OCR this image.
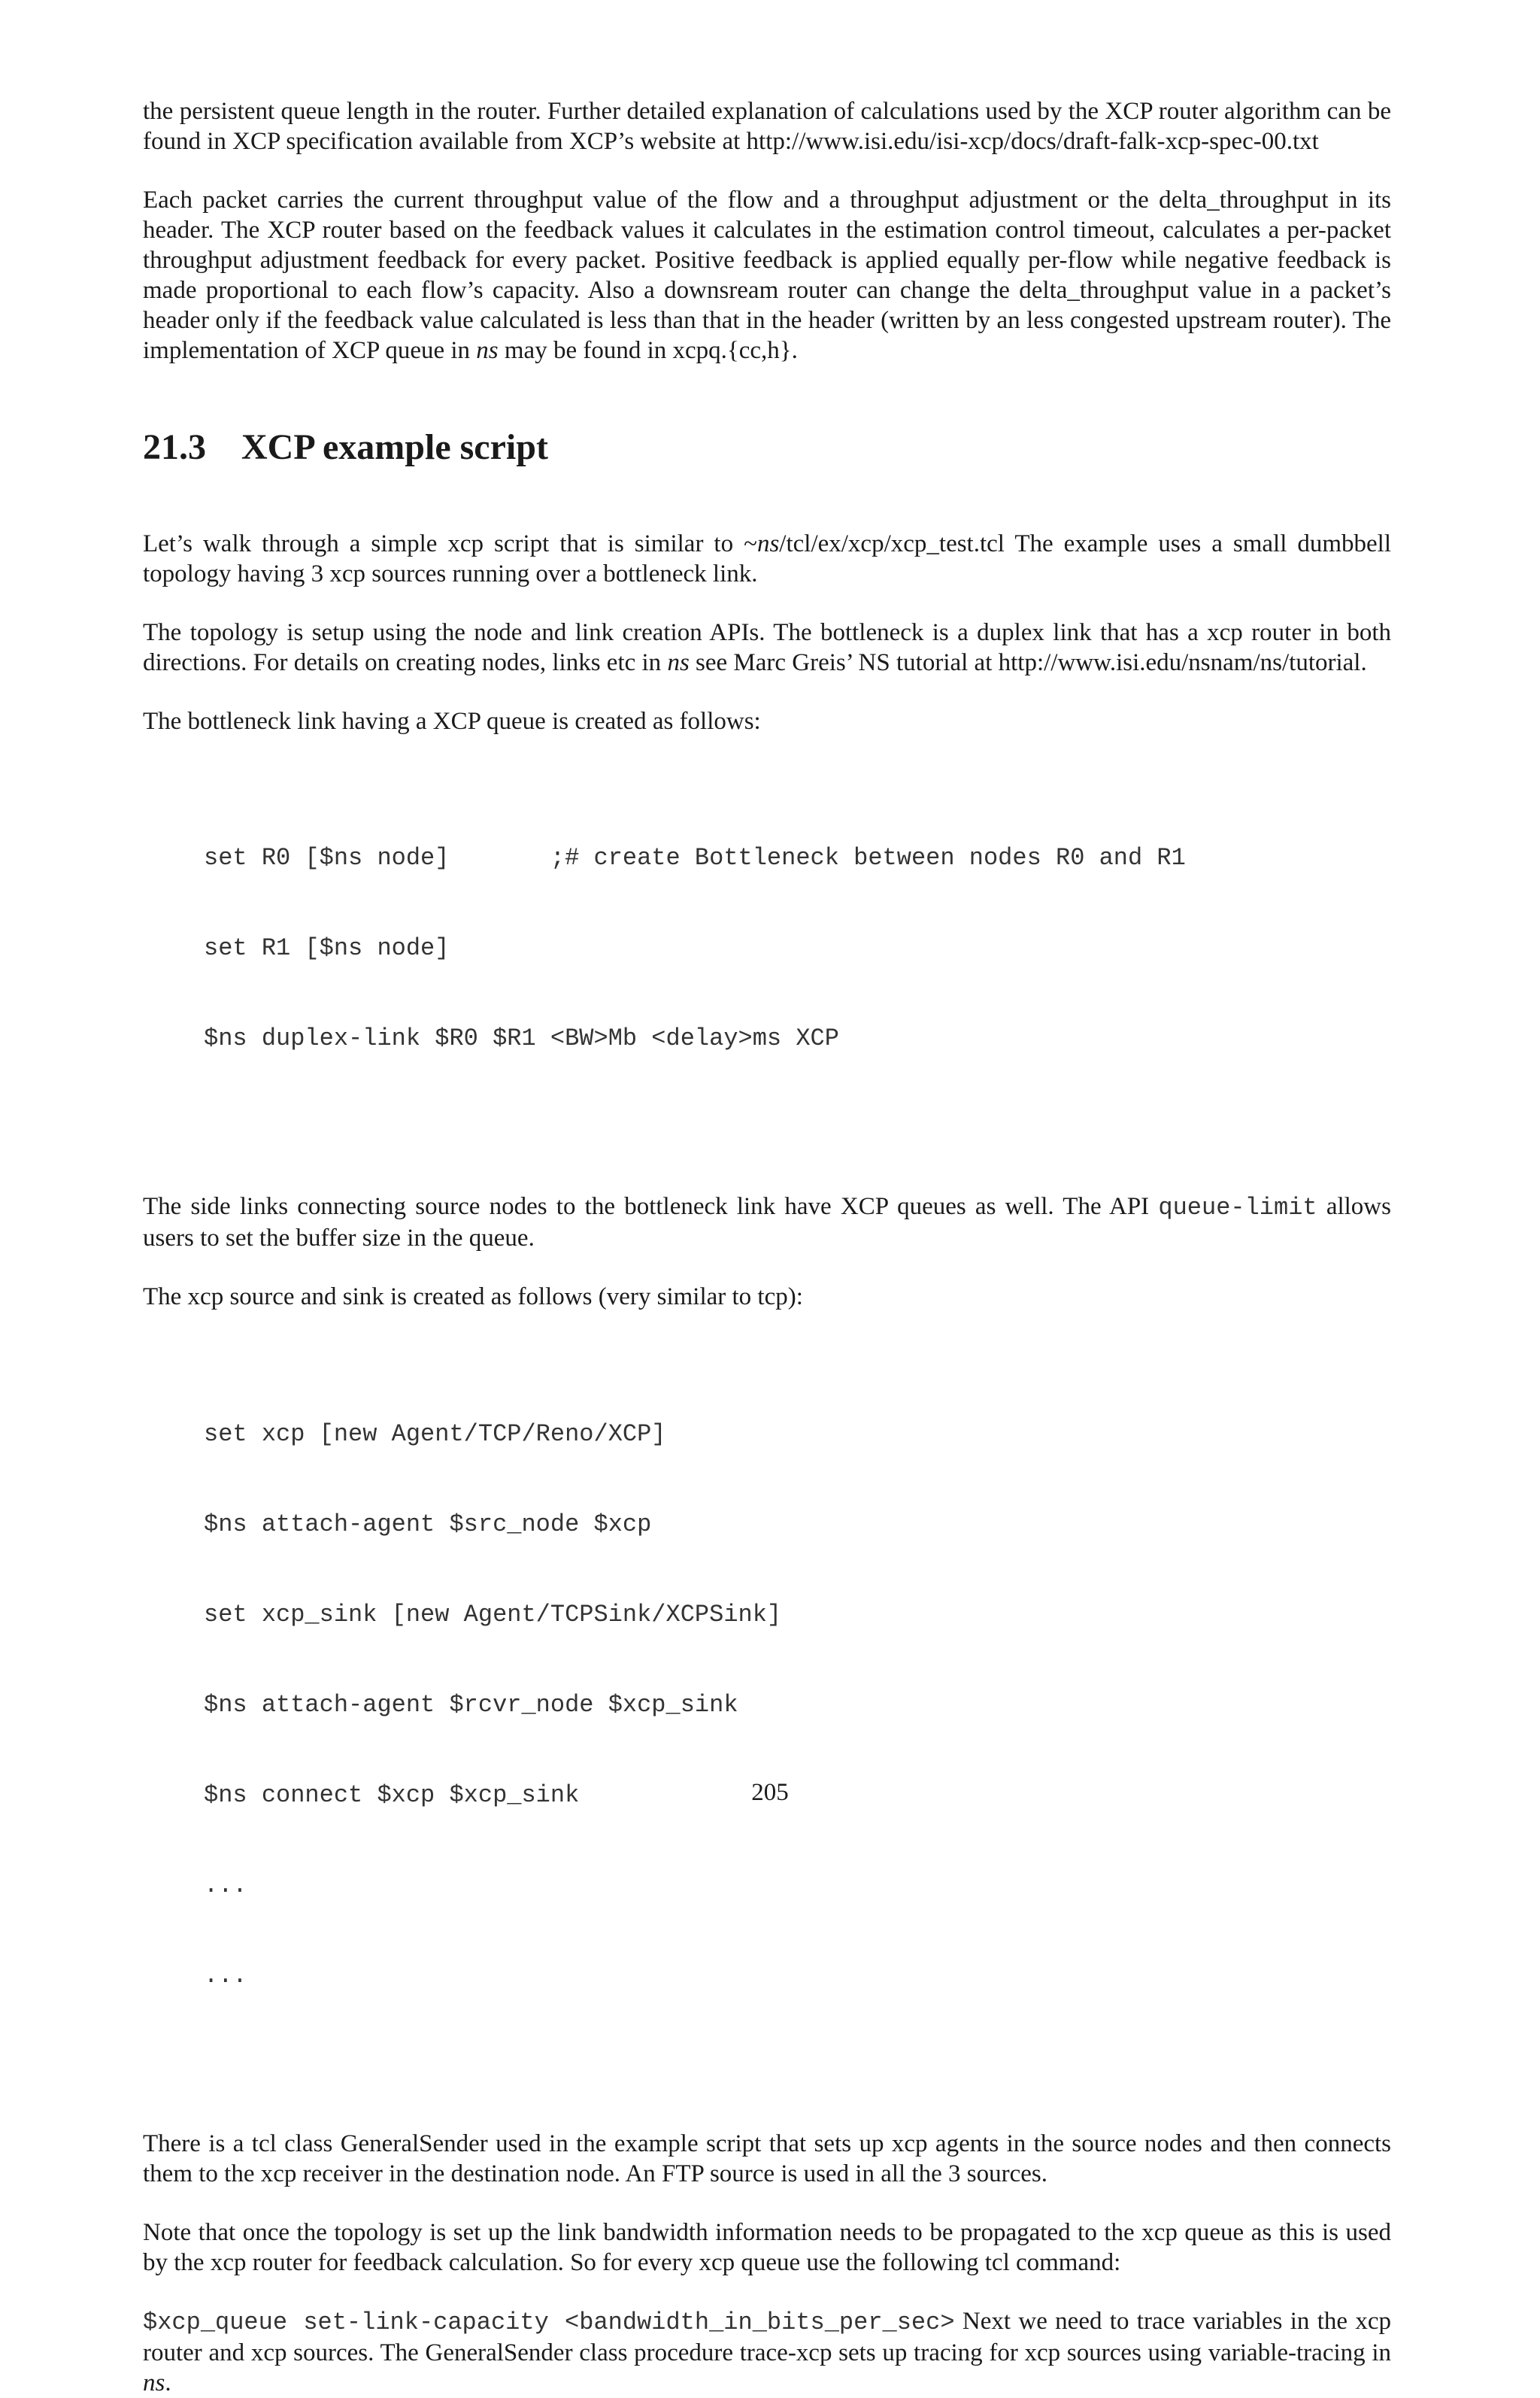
the persistent queue length in the router. Further detailed explanation of calculations used by the XCP router algorithm can be found in XCP specification available from XCP’s website at http://www.isi.edu/isi-xcp/docs/draft-falk-xcp-spec-00.txt

Each packet carries the current throughput value of the flow and a throughput adjustment or the delta_throughput in its header. The XCP router based on the feedback values it calculates in the estimation control timeout, calculates a per-packet throughput adjustment feedback for every packet. Positive feedback is applied equally per-flow while negative feedback is made proportional to each flow’s capacity. Also a downsream router can change the delta_throughput value in a packet’s header only if the feedback value calculated is less than that in the header (written by an less congested upstream router). The implementation of XCP queue in ns may be found in xcpq.{cc,h}.

21.3 XCP example script

Let’s walk through a simple xcp script that is similar to ~ns/tcl/ex/xcp/xcp_test.tcl The example uses a small dumbbell topology having 3 xcp sources running over a bottleneck link.

The topology is setup using the node and link creation APIs. The bottleneck is a duplex link that has a xcp router in both directions. For details on creating nodes, links etc in ns see Marc Greis’ NS tutorial at http://www.isi.edu/nsnam/ns/tutorial.

The bottleneck link having a XCP queue is created as follows:

set R0 [$ns node]       ;# create Bottleneck between nodes R0 and R1

set R1 [$ns node]

$ns duplex-link $R0 $R1 <BW>Mb <delay>ms XCP

The side links connecting source nodes to the bottleneck link have XCP queues as well. The API queue-limit allows users to set the buffer size in the queue.

The xcp source and sink is created as follows (very similar to tcp):

set xcp [new Agent/TCP/Reno/XCP]

$ns attach-agent $src_node $xcp

set xcp_sink [new Agent/TCPSink/XCPSink]

$ns attach-agent $rcvr_node $xcp_sink

$ns connect $xcp $xcp_sink

...

...

There is a tcl class GeneralSender used in the example script that sets up xcp agents in the source nodes and then connects them to the xcp receiver in the destination node. An FTP source is used in all the 3 sources.

Note that once the topology is set up the link bandwidth information needs to be propagated to the xcp queue as this is used by the xcp router for feedback calculation. So for every xcp queue use the following tcl command:

$xcp_queue set-link-capacity <bandwidth_in_bits_per_sec> Next we need to trace variables in the xcp router and xcp sources. The GeneralSender class procedure trace-xcp sets up tracing for xcp sources using variable-tracing in ns.

205
